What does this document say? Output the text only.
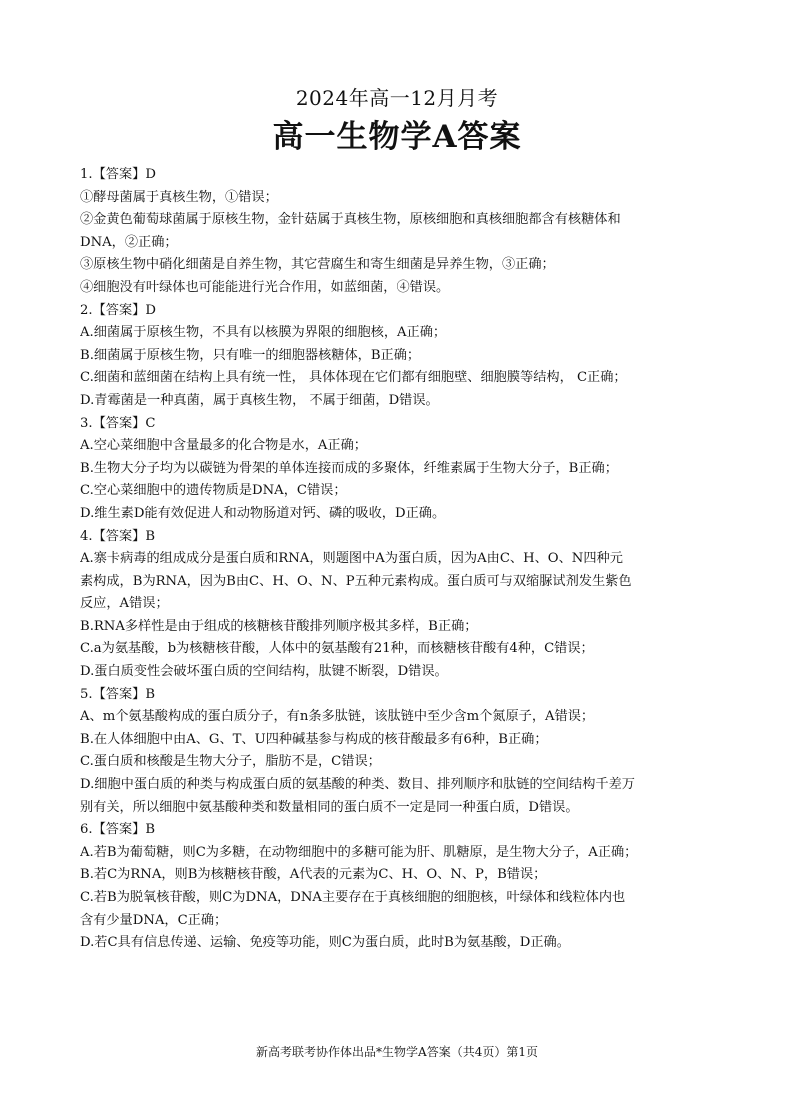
2024年高一12月月考
高一生物学A答案
1.【答案】D
①酵母菌属于真核生物，①错误；
②金黄色葡萄球菌属于原核生物，金针菇属于真核生物，原核细胞和真核细胞都含有核糖体和
DNA，②正确；
③原核生物中硝化细菌是自养生物，其它营腐生和寄生细菌是异养生物，③正确；
④细胞没有叶绿体也可能能进行光合作用，如蓝细菌，④错误。
2.【答案】D
A.细菌属于原核生物，不具有以核膜为界限的细胞核，A正确；
B.细菌属于原核生物，只有唯一的细胞器核糖体，B正确；
C.细菌和蓝细菌在结构上具有统一性， 具体体现在它们都有细胞壁、细胞膜等结构， C正确；
D.青霉菌是一种真菌，属于真核生物， 不属于细菌，D错误。
3.【答案】C
A.空心菜细胞中含量最多的化合物是水，A正确；
B.生物大分子均为以碳链为骨架的单体连接而成的多聚体，纤维素属于生物大分子，B正确；
C.空心菜细胞中的遗传物质是DNA，C错误；
D.维生素D能有效促进人和动物肠道对钙、磷的吸收，D正确。
4.【答案】B
A.寨卡病毒的组成成分是蛋白质和RNA，则题图中A为蛋白质，因为A由C、H、O、N四种元
素构成，B为RNA，因为B由C、H、O、N、P五种元素构成。蛋白质可与双缩脲试剂发生紫色
反应，A错误；
B.RNA多样性是由于组成的核糖核苷酸排列顺序极其多样，B正确；
C.a为氨基酸，b为核糖核苷酸，人体中的氨基酸有21种，而核糖核苷酸有4种，C错误；
D.蛋白质变性会破坏蛋白质的空间结构，肽键不断裂，D错误。
5.【答案】B
A、m个氨基酸构成的蛋白质分子，有n条多肽链，该肽链中至少含m个氮原子，A错误；
B.在人体细胞中由A、G、T、U四种碱基参与构成的核苷酸最多有6种，B正确；
C.蛋白质和核酸是生物大分子，脂肪不是，C错误；
D.细胞中蛋白质的种类与构成蛋白质的氨基酸的种类、数目、排列顺序和肽链的空间结构千差万
别有关，所以细胞中氨基酸种类和数量相同的蛋白质不一定是同一种蛋白质，D错误。
6.【答案】B
A.若B为葡萄糖，则C为多糖，在动物细胞中的多糖可能为肝、肌糖原，是生物大分子，A正确；
B.若C为RNA，则B为核糖核苷酸，A代表的元素为C、H、O、N、P，B错误；
C.若B为脱氧核苷酸，则C为DNA，DNA主要存在于真核细胞的细胞核，叶绿体和线粒体内也
含有少量DNA，C正确；
D.若C具有信息传递、运输、免疫等功能，则C为蛋白质，此时B为氨基酸，D正确。
新高考联考协作体出品*生物学A答案（共4页）第1页
